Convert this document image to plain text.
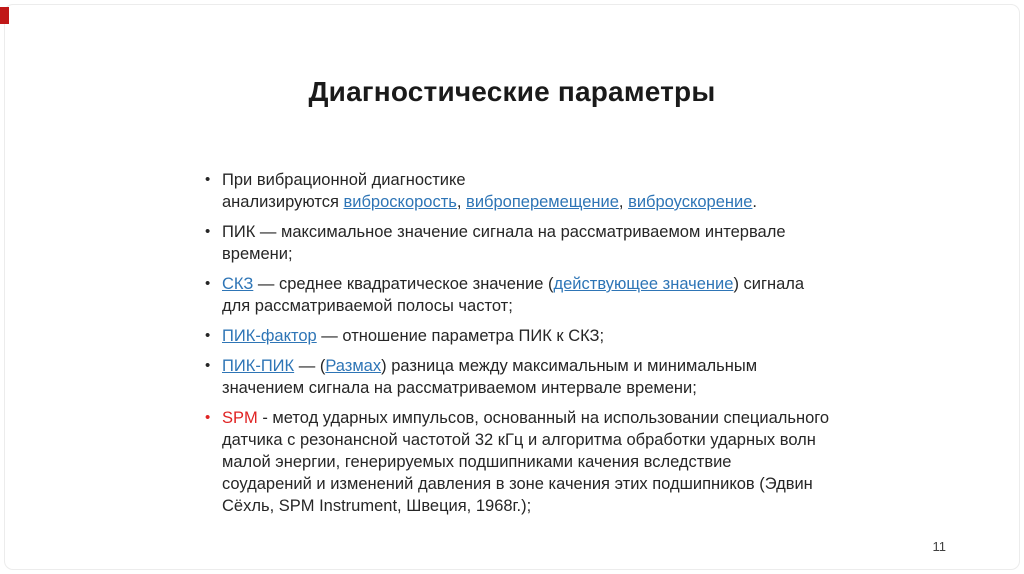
Диагностические параметры
• При вибрационной диагностике
анализируются виброскорость, виброперемещение, виброускорение.
• ПИК — максимальное значение сигнала на рассматриваемом интервале
времени;
• СКЗ — среднее квадратическое значение (действующее значение) сигнала
для рассматриваемой полосы частот;
• ПИК-фактор — отношение параметра ПИК к СКЗ;
• ПИК-ПИК — (Размах) разница между максимальным и минимальным
значением сигнала на рассматриваемом интервале времени;
• SPM - метод ударных импульсов, основанный на использовании специального
датчика с резонансной частотой 32 кГц и алгоритма обработки ударных волн
малой энергии, генерируемых подшипниками качения вследствие
соударений и изменений давления в зоне качения этих подшипников (Эдвин
Сёхль, SPM Instrument, Швеция, 1968г.);
11
